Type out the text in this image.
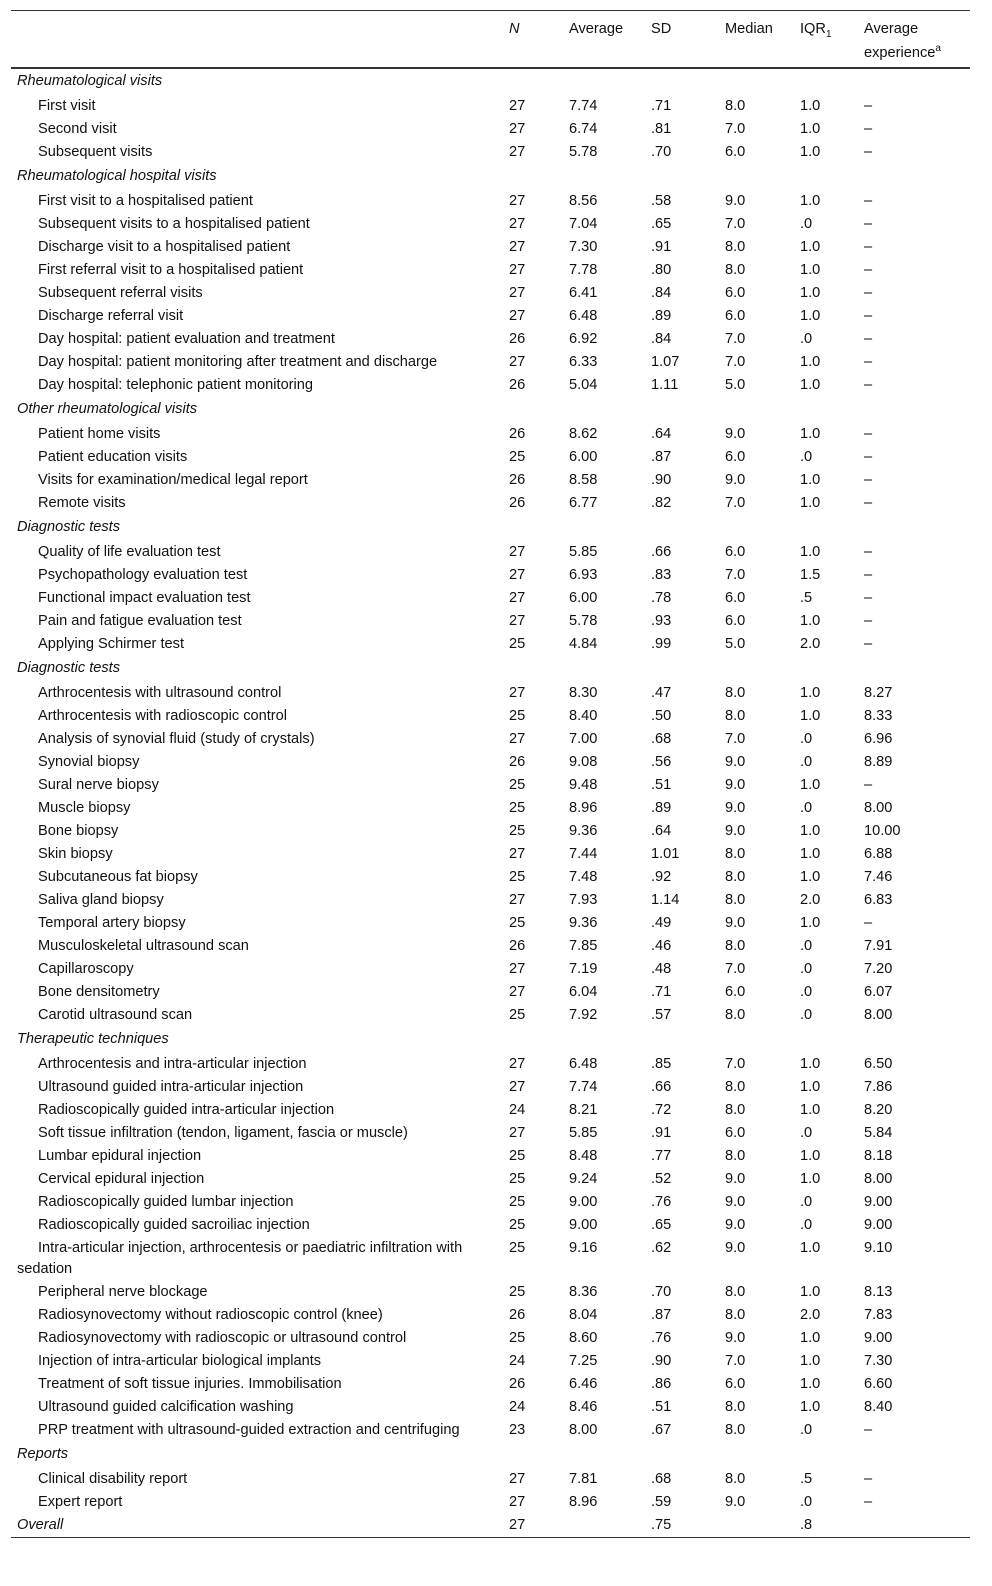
	N	Average	SD	Median	$IQR_1$	Average
experience$^a$
Rheumatological visits						
First visit	27	7.74	.71	8.0	1.0	–
Second visit	27	6.74	.81	7.0	1.0	–
Subsequent visits	27	5.78	.70	6.0	1.0	–
Rheumatological hospital visits						
First visit to a hospitalised patient	27	8.56	.58	9.0	1.0	–
Subsequent visits to a hospitalised patient	27	7.04	.65	7.0	.0	–
Discharge visit to a hospitalised patient	27	7.30	.91	8.0	1.0	–
First referral visit to a hospitalised patient	27	7.78	.80	8.0	1.0	–
Subsequent referral visits	27	6.41	.84	6.0	1.0	–
Discharge referral visit	27	6.48	.89	6.0	1.0	–
Day hospital: patient evaluation and treatment	26	6.92	.84	7.0	.0	–
Day hospital: patient monitoring after treatment and discharge	27	6.33	1.07	7.0	1.0	–
Day hospital: telephonic patient monitoring	26	5.04	1.11	5.0	1.0	–
Other rheumatological visits						
Patient home visits	26	8.62	.64	9.0	1.0	–
Patient education visits	25	6.00	.87	6.0	.0	–
Visits for examination/medical legal report	26	8.58	.90	9.0	1.0	–
Remote visits	26	6.77	.82	7.0	1.0	–
Diagnostic tests						
Quality of life evaluation test	27	5.85	.66	6.0	1.0	–
Psychopathology evaluation test	27	6.93	.83	7.0	1.5	–
Functional impact evaluation test	27	6.00	.78	6.0	.5	–
Pain and fatigue evaluation test	27	5.78	.93	6.0	1.0	–
Applying Schirmer test	25	4.84	.99	5.0	2.0	–
Diagnostic tests						
Arthrocentesis with ultrasound control	27	8.30	.47	8.0	1.0	8.27
Arthrocentesis with radioscopic control	25	8.40	.50	8.0	1.0	8.33
Analysis of synovial fluid (study of crystals)	27	7.00	.68	7.0	.0	6.96
Synovial biopsy	26	9.08	.56	9.0	.0	8.89
Sural nerve biopsy	25	9.48	.51	9.0	1.0	–
Muscle biopsy	25	8.96	.89	9.0	.0	8.00
Bone biopsy	25	9.36	.64	9.0	1.0	10.00
Skin biopsy	27	7.44	1.01	8.0	1.0	6.88
Subcutaneous fat biopsy	25	7.48	.92	8.0	1.0	7.46
Saliva gland biopsy	27	7.93	1.14	8.0	2.0	6.83
Temporal artery biopsy	25	9.36	.49	9.0	1.0	–
Musculoskeletal ultrasound scan	26	7.85	.46	8.0	.0	7.91
Capillaroscopy	27	7.19	.48	7.0	.0	7.20
Bone densitometry	27	6.04	.71	6.0	.0	6.07
Carotid ultrasound scan	25	7.92	.57	8.0	.0	8.00
Therapeutic techniques						
Arthrocentesis and intra-articular injection	27	6.48	.85	7.0	1.0	6.50
Ultrasound guided intra-articular injection	27	7.74	.66	8.0	1.0	7.86
Radioscopically guided intra-articular injection	24	8.21	.72	8.0	1.0	8.20
Soft tissue infiltration (tendon, ligament, fascia or muscle)	27	5.85	.91	6.0	.0	5.84
Lumbar epidural injection	25	8.48	.77	8.0	1.0	8.18
Cervical epidural injection	25	9.24	.52	9.0	1.0	8.00
Radioscopically guided lumbar injection	25	9.00	.76	9.0	.0	9.00
Radioscopically guided sacroiliac injection	25	9.00	.65	9.0	.0	9.00
Intra-articular injection, arthrocentesis or paediatric infiltration with sedation	25	9.16	.62	9.0	1.0	9.10
Peripheral nerve blockage	25	8.36	.70	8.0	1.0	8.13
Radiosynovectomy without radioscopic control (knee)	26	8.04	.87	8.0	2.0	7.83
Radiosynovectomy with radioscopic or ultrasound control	25	8.60	.76	9.0	1.0	9.00
Injection of intra-articular biological implants	24	7.25	.90	7.0	1.0	7.30
Treatment of soft tissue injuries. Immobilisation	26	6.46	.86	6.0	1.0	6.60
Ultrasound guided calcification washing	24	8.46	.51	8.0	1.0	8.40
PRP treatment with ultrasound-guided extraction and centrifuging	23	8.00	.67	8.0	.0	–
Reports						
Clinical disability report	27	7.81	.68	8.0	.5	–
Expert report	27	8.96	.59	9.0	.0	–
Overall	27		.75		.8	
